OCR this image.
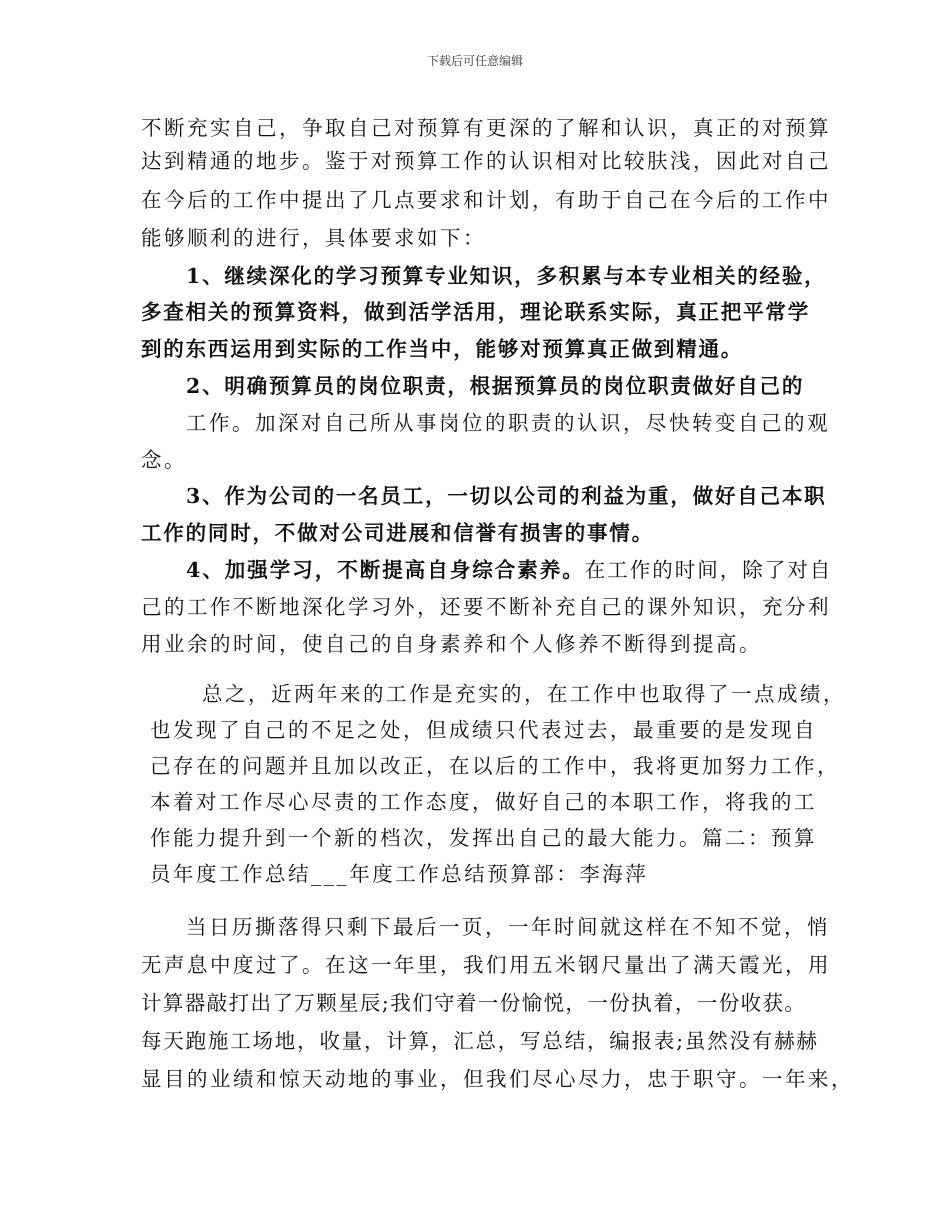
下载后可任意编辑
不断充实自己，争取自己对预算有更深的了解和认识，真正的对预算
达到精通的地步。鉴于对预算工作的认识相对比较肤浅，因此对自己
在今后的工作中提出了几点要求和计划，有助于自己在今后的工作中
能够顺利的进行，具体要求如下：
1、继续深化的学习预算专业知识，多积累与本专业相关的经验，
多查相关的预算资料，做到活学活用，理论联系实际，真正把平常学
到的东西运用到实际的工作当中，能够对预算真正做到精通。
2、明确预算员的岗位职责，根据预算员的岗位职责做好自己的
工作。加深对自己所从事岗位的职责的认识，尽快转变自己的观
念。
3、作为公司的一名员工，一切以公司的利益为重，做好自己本职
工作的同时，不做对公司进展和信誉有损害的事情。
4、加强学习，不断提高自身综合素养。在工作的时间，除了对自
己的工作不断地深化学习外，还要不断补充自己的课外知识，充分利
用业余的时间，使自己的自身素养和个人修养不断得到提高。
总之，近两年来的工作是充实的，在工作中也取得了一点成绩，
也发现了自己的不足之处，但成绩只代表过去，最重要的是发现自
己存在的问题并且加以改正，在以后的工作中，我将更加努力工作，
本着对工作尽心尽责的工作态度，做好自己的本职工作，将我的工
作能力提升到一个新的档次，发挥出自己的最大能力。篇二：预算
员年度工作总结___年度工作总结预算部：李海萍
当日历撕落得只剩下最后一页，一年时间就这样在不知不觉，悄
无声息中度过了。在这一年里，我们用五米钢尺量出了满天霞光，用
计算器敲打出了万颗星辰;我们守着一份愉悦，一份执着，一份收获。
每天跑施工场地，收量，计算，汇总，写总结，编报表;虽然没有赫赫
显目的业绩和惊天动地的事业，但我们尽心尽力，忠于职守。一年来，
